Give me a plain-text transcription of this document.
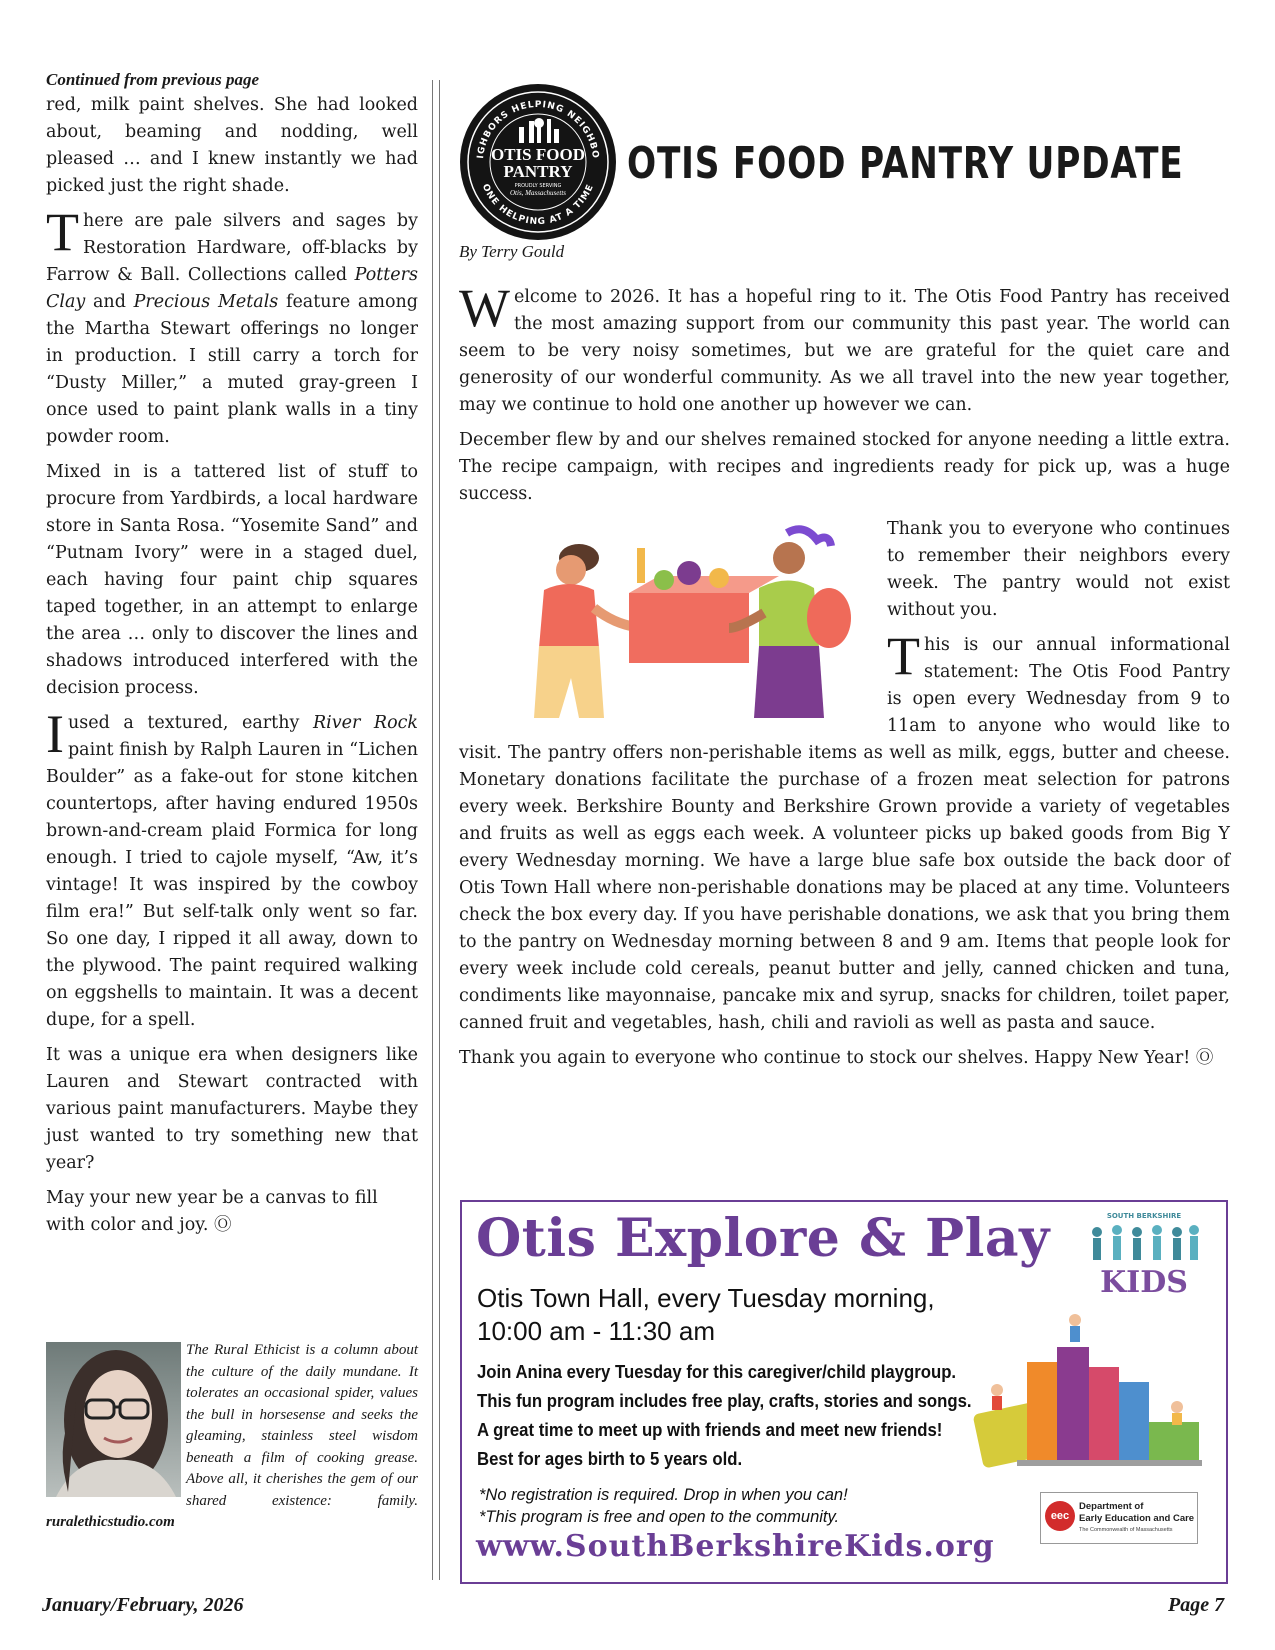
Continued from previous page

red, milk paint shelves. She had looked about, beaming and nodding, well pleased … and I knew instantly we had picked just the right shade.

There are pale silvers and sages by Restoration Hardware, off-blacks by Farrow & Ball. Collections called Potters Clay and Precious Metals feature among the Martha Stewart offerings no longer in production. I still carry a torch for “Dusty Miller,” a muted gray-green I once used to paint plank walls in a tiny powder room.

Mixed in is a tattered list of stuff to procure from Yardbirds, a local hardware store in Santa Rosa. “Yosemite Sand” and “Putnam Ivory” were in a staged duel, each having four paint chip squares taped together, in an attempt to enlarge the area … only to discover the lines and shadows introduced interfered with the decision process.

Iused a textured, earthy River Rock paint finish by Ralph Lauren in “Lichen Boulder” as a fake-out for stone kitchen countertops, after having endured 1950s brown-and-cream plaid Formica for long enough. I tried to cajole myself, “Aw, it’s vintage! It was inspired by the cowboy film era!” But self-talk only went so far. So one day, I ripped it all away, down to the plywood. The paint required walking on eggshells to maintain. It was a decent dupe, for a spell.

It was a unique era when designers like Lauren and Stewart contracted with various paint manufacturers. Maybe they just wanted to try something new that year?

May your new year be a canvas to fill with color and joy. Ⓞ

The Rural Ethicist is a column about the culture of the daily mundane. It tolerates an occasional spider, values the bull in horsesense and seeks the gleaming, stainless steel wisdom beneath a film of cooking grease. Above all, it cherishes the gem of our shared existence: family. ruralethicstudio.com
IGHBORS HELPING NEIGHBO
ONE HELPING AT A TIME
OTIS FOOD
PANTRY
PROUDLY SERVING
Otis, Massachusetts
OTIS FOOD PANTRY UPDATE
By Terry Gould

Welcome to 2026. It has a hopeful ring to it. The Otis Food Pantry has received the most amazing support from our community this past year. The world can seem to be very noisy sometimes, but we are grateful for the quiet care and generosity of our wonderful community. As we all travel into the new year together, may we continue to hold one another up however we can.

December flew by and our shelves remained stocked for anyone needing a little extra. The recipe campaign, with recipes and ingredients ready for pick up, was a huge success.

Thank you to everyone who continues to remember their neighbors every week. The pantry would not exist without you.

This is our annual informational statement: The Otis Food Pantry is open every Wednesday from 9 to 11am to anyone who would like to visit. The pantry offers non-perishable items as well as milk, eggs, butter and cheese. Monetary donations facilitate the purchase of a frozen meat selection for patrons every week. Berkshire Bounty and Berkshire Grown provide a variety of vegetables and fruits as well as eggs each week. A volunteer picks up baked goods from Big Y every Wednesday morning. We have a large blue safe box outside the back door of Otis Town Hall where non-perishable donations may be placed at any time. Volunteers check the box every day. If you have perishable donations, we ask that you bring them to the pantry on Wednesday morning between 8 and 9 am. Items that people look for every week include cold cereals, peanut butter and jelly, canned chicken and tuna, condiments like mayonnaise, pancake mix and syrup, snacks for children, toilet paper, canned fruit and vegetables, hash, chili and ravioli as well as pasta and sauce.

Thank you again to everyone who continue to stock our shelves. Happy New Year! Ⓞ

Otis Explore & Play
Otis Town Hall, every Tuesday morning,
10:00 am - 11:30 am
Join Anina every Tuesday for this caregiver/child playgroup.
This fun program includes free play, crafts, stories and songs.
A great time to meet up with friends and meet new friends!
Best for ages birth to 5 years old.
*No registration is required. Drop in when you can!
*This program is free and open to the community.
www.SouthBerkshireKids.org
SOUTH BERKSHIRE
KIDS
eec
Department of
Early Education and Care
The Commonwealth of Massachusetts
January/February, 2026	Page 7
